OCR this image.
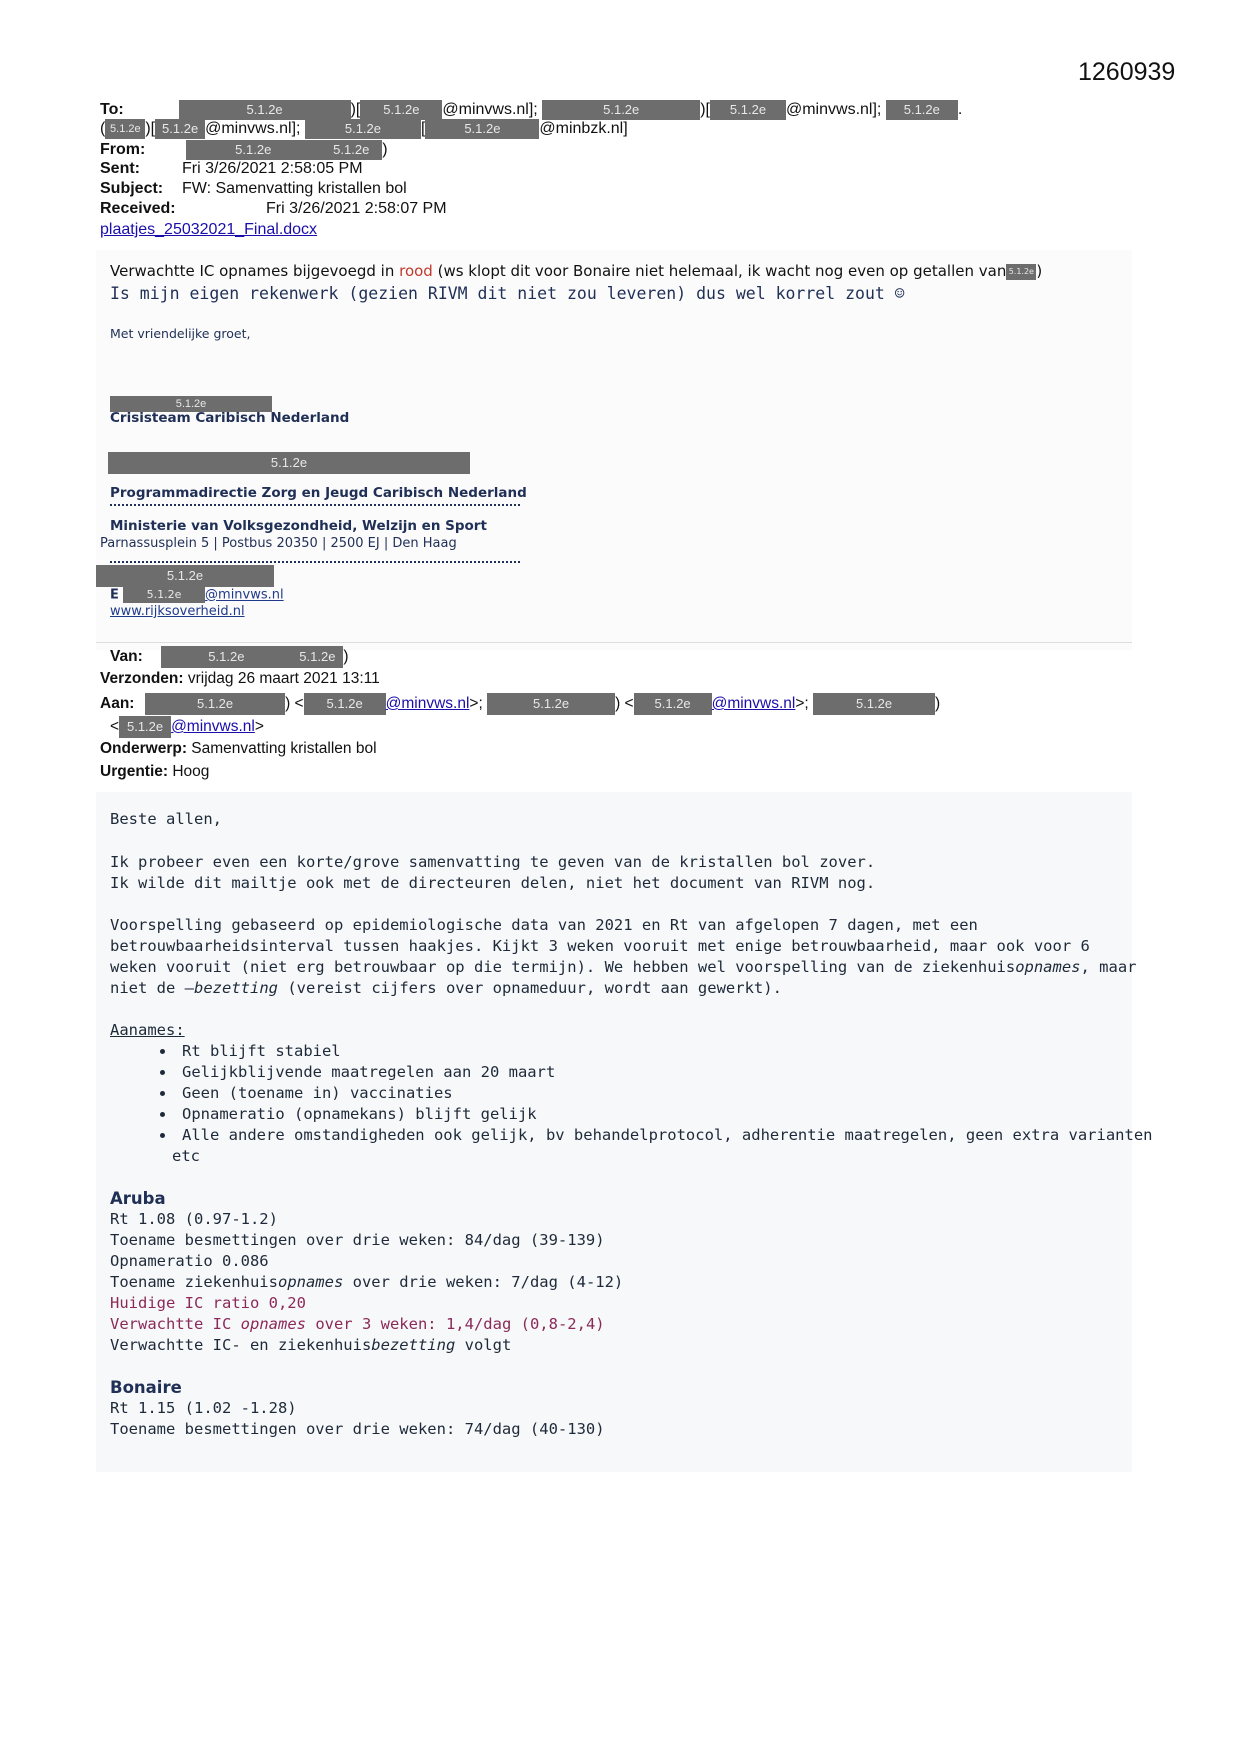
1260939
To:	5.1.2e	)[ 5.1.2e @minvws.nl];	5.1.2e	)[ 5.1.2e @minvws.nl]; 5.1.2e .
( 5.1.2e )[ 5.1.2e @minvws.nl];	5.1.2e [	5.1.2e @minbzk.nl]
From:	5.1.2e	5.1.2e )
Sent:	Fri 3/26/2021 2:58:05 PM
Subject: FW: Samenvatting kristallen bol
Received:	Fri 3/26/2021 2:58:07 PM
plaatjes_25032021_Final.docx
Verwachtte IC opnames bijgevoegd in rood (ws klopt dit voor Bonaire niet helemaal, ik wacht nog even op getallen van 5.1.2e )
Is mijn eigen rekenwerk (gezien RIVM dit niet zou leveren) dus wel korrel zout ☺
Met vriendelijke groet,
5.1.2e
Crisisteam Caribisch Nederland
5.1.2e
Programmadirectie Zorg en Jeugd Caribisch Nederland
Ministerie van Volksgezondheid, Welzijn en Sport
Parnassusplein 5 | Postbus 20350 | 2500 EJ | Den Haag
5.1.2e
E	5.1.2e @minvws.nl
www.rijksoverheid.nl
Van:	5.1.2e	5.1.2e )
Verzonden: vrijdag 26 maart 2021 13:11
Aan:	5.1.2e	) < 5.1.2e @minvws.nl>;	5.1.2e	) < 5.1.2e @minvws.nl>;	5.1.2e	)
< 5.1.2e @minvws.nl>
Onderwerp: Samenvatting kristallen bol
Urgentie: Hoog
Beste allen,
Ik probeer even een korte/grove samenvatting te geven van de kristallen bol zover.
Ik wilde dit mailtje ook met de directeuren delen, niet het document van RIVM nog.
Voorspelling gebaseerd op epidemiologische data van 2021 en Rt van afgelopen 7 dagen, met een
betrouwbaarheidsinterval tussen haakjes. Kijkt 3 weken vooruit met enige betrouwbaarheid, maar ook voor 6
weken vooruit (niet erg betrouwbaar op die termijn). We hebben wel voorspelling van de ziekenhuisopnames, maar
niet de –bezetting (vereist cijfers over opnameduur, wordt aan gewerkt).
Aanames:
• Rt blijft stabiel
• Gelijkblijvende maatregelen aan 20 maart
• Geen (toename in) vaccinaties
• Opnameratio (opnamekans) blijft gelijk
• Alle andere omstandigheden ook gelijk, bv behandelprotocol, adherentie maatregelen, geen extra varianten
etc
Aruba
Rt 1.08 (0.97-1.2)
Toename besmettingen over drie weken: 84/dag (39-139)
Opnameratio 0.086
Toename ziekenhuisopnames over drie weken: 7/dag (4-12)
Huidige IC ratio 0,20
Verwachtte IC opnames over 3 weken: 1,4/dag (0,8-2,4)
Verwachtte IC- en ziekenhuisbezetting volgt
Bonaire
Rt 1.15 (1.02 -1.28)
Toename besmettingen over drie weken: 74/dag (40-130)
